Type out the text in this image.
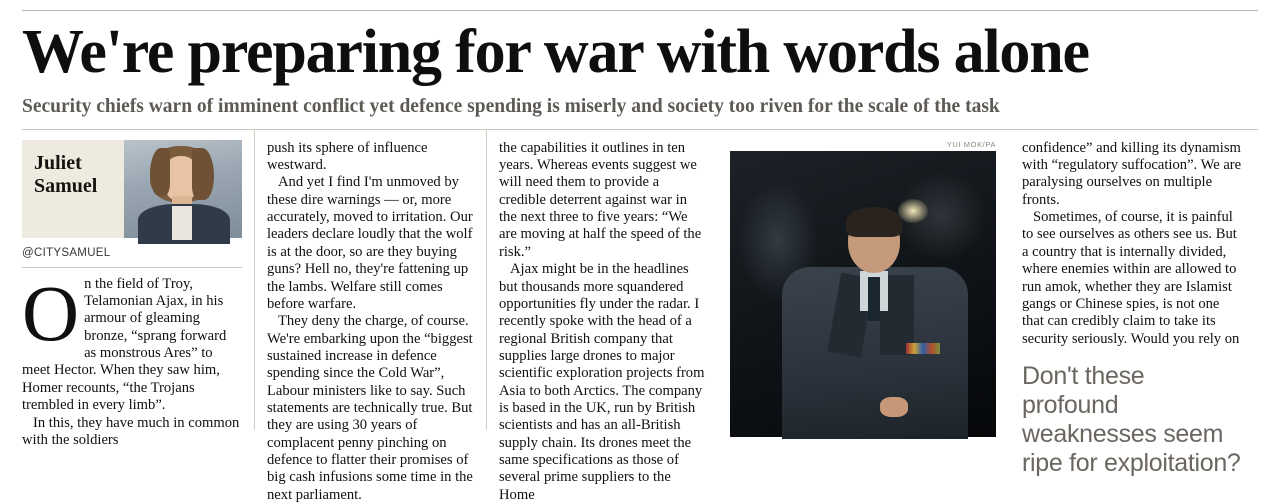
We're preparing for war with words alone
Security chiefs warn of imminent conflict yet defence spending is miserly and society too riven for the scale of the task
Juliet
Samuel
@CITYSAMUEL

On the field of Troy, Telamonian Ajax, in his armour of gleaming bronze, “sprang forward as monstrous Ares” to meet Hector. When they saw him, Homer recounts, “the Trojans trembled in every limb”.

In this, they have much in common with the soldiers

push its sphere of influence westward.

And yet I find I'm unmoved by these dire warnings — or, more accurately, moved to irritation. Our leaders declare loudly that the wolf is at the door, so are they buying guns? Hell no, they're fattening up the lambs. Welfare still comes before warfare.

They deny the charge, of course. We're embarking upon the “biggest sustained increase in defence spending since the Cold War”, Labour ministers like to say. Such statements are technically true. But they are using 30 years of complacent penny pinching on defence to flatter their promises of big cash infusions some time in the next parliament.

the capabilities it outlines in ten years. Whereas events suggest we will need them to provide a credible deterrent against war in the next three to five years: “We are moving at half the speed of the risk.”

Ajax might be in the headlines but thousands more squandered opportunities fly under the radar. I recently spoke with the head of a regional British company that supplies large drones to major scientific exploration projects from Asia to both Arctics. The company is based in the UK, run by British scientists and has an all-British supply chain. Its drones meet the same specifications as those of several prime suppliers to the Home

YUI MOK/PA confidence” and killing its dynamism with “regulatory suffocation”. We are paralysing ourselves on multiple fronts.

Sometimes, of course, it is painful to see ourselves as others see us. But a country that is internally divided, where enemies within are allowed to run amok, whether they are Islamist gangs or Chinese spies, is not one that can credibly claim to take its security seriously. Would you rely on

Don't these profound weaknesses seem ripe for exploitation?
